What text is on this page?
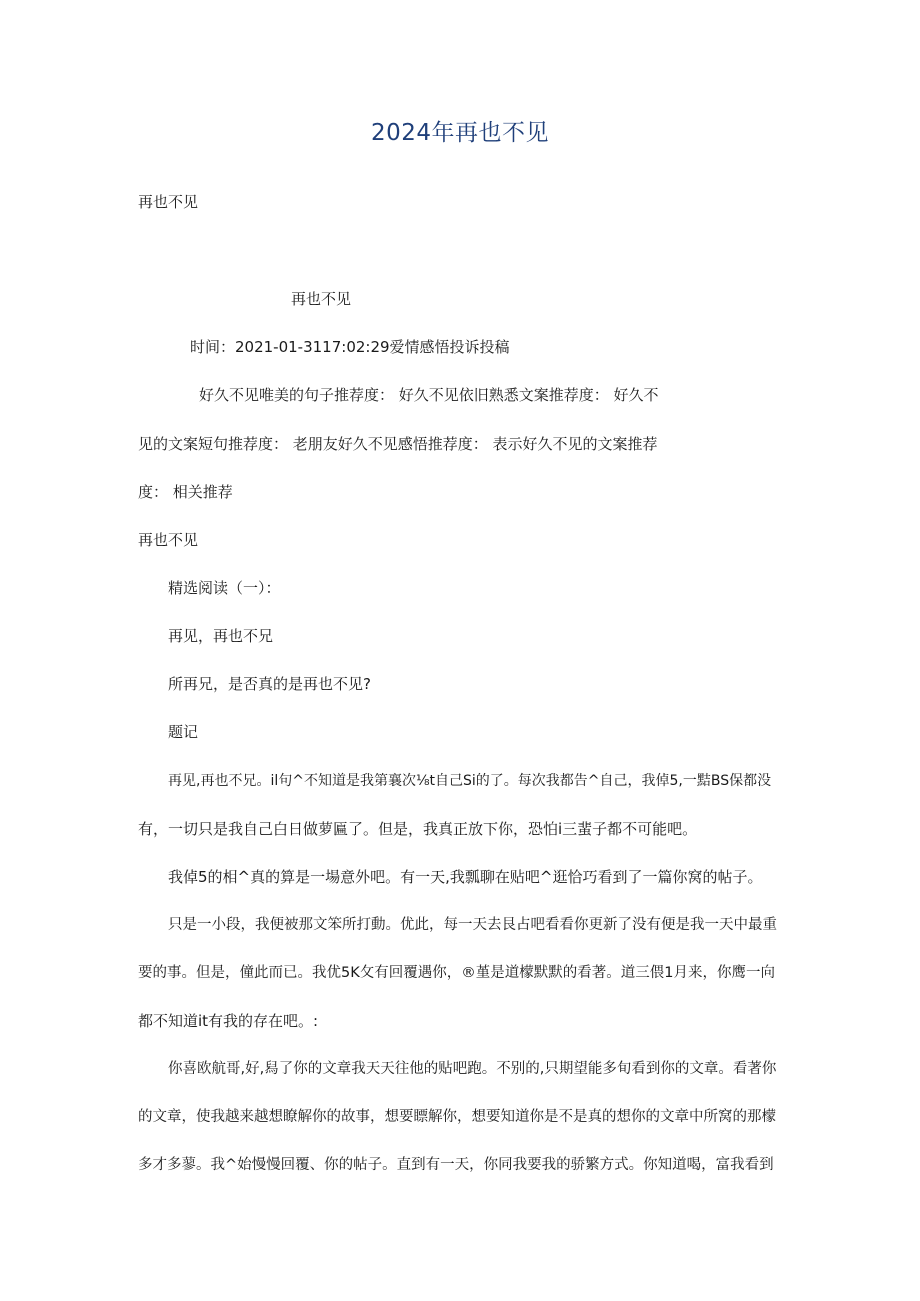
2024年再也不见
再也不见
再也不见
时间：2021-01-3117:02:29爱情感悟投诉投稿
好久不见唯美的句子推荐度： 好久不见依旧熟悉文案推荐度： 好久不
见的文案短句推荐度： 老朋友好久不见感悟推荐度： 表示好久不见的文案推荐
度： 相关推荐
再也不见
精选阅读（一）：
再见，再也不兄
所再兄，是否真的是再也不见?
题记
再见,再也不兄。il句^不知道是我第襄次⅛t自己Si的了。每次我都告^自己，我倬5,一黠BS保都没
有，一切只是我自己白日做萝匾了。但是，我真正放下你，恐怕i三蜚子都不可能吧。
我倬5的相^真的算是一場意外吧。有一天,我瓢聊在贴吧^逛恰巧看到了一篇你窝的帖子。
只是一小段，我便被那文笨所打動。优此，每一天去艮占吧看看你更新了没有便是我一天中最重
要的事。但是，僮此而已。我优5K攵有回覆遇你，®堇是道檬默默的看著。道三偎1月来，你鹰一向
都不知道it有我的存在吧。:
你喜欧航哥,好,舄了你的文章我天天往他的贴吧跑。不别的,只期望能多旬看到你的文章。看著你
的文章，使我越来越想瞭解你的故事，想要瞟解你，想要知道你是不是真的想你的文章中所窝的那檬
多才多蓼。我^始慢慢回覆、你的帖子。直到有一天，你同我要我的骄繁方式。你知道喝，富我看到
